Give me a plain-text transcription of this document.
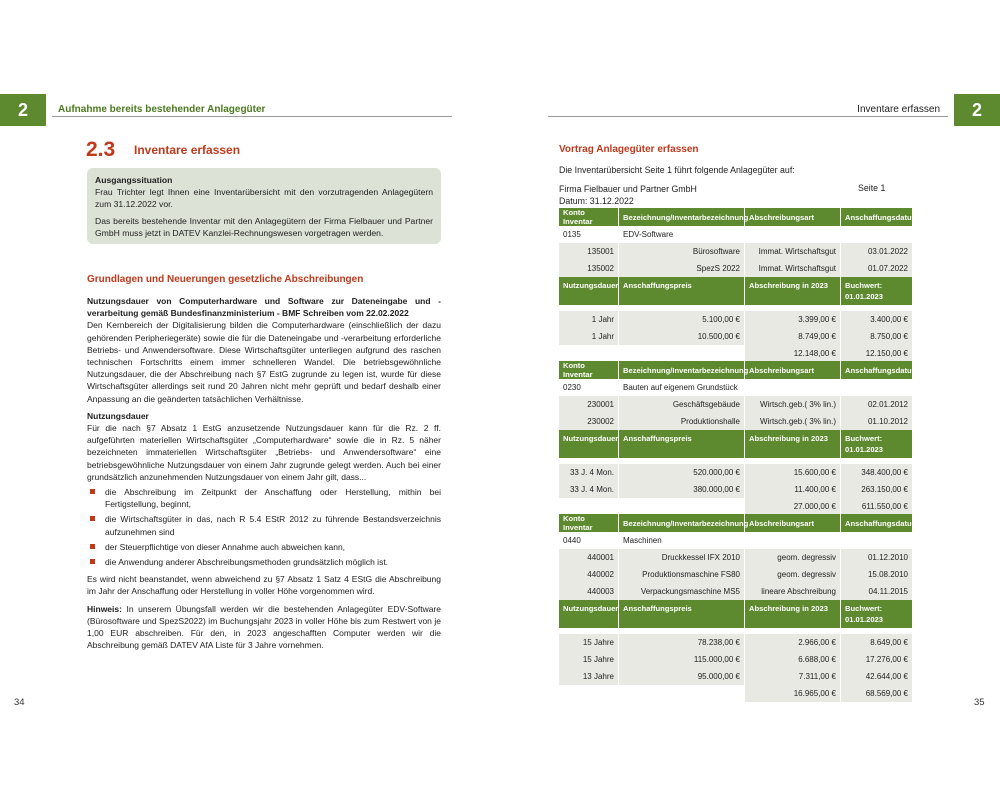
2	Aufnahme bereits bestehender Anlagegüter	Inventare erfassen	2
2.3 Inventare erfassen

Ausgangssituation

Frau Trichter legt Ihnen eine Inventarübersicht mit den vorzutragenden Anlagegütern zum 31.12.2022 vor.

Das bereits bestehende Inventar mit den Anlagegütern der Firma Fielbauer und Partner GmbH muss jetzt in DATEV Kanzlei-Rechnungswesen vorgetragen werden.

Grundlagen und Neuerungen gesetzliche Abschreibungen

Nutzungsdauer von Computerhardware und Software zur Dateneingabe und -verarbeitung gemäß Bundesfinanzministerium - BMF Schreiben vom 22.02.2022

Den Kernbereich der Digitalisierung bilden die Computerhardware (einschließlich der dazu gehörenden Peripheriegeräte) sowie die für die Dateneingabe und -verarbeitung erforderliche Betriebs- und Anwendersoftware. Diese Wirtschaftsgüter unterliegen aufgrund des raschen technischen Fortschritts einem immer schnelleren Wandel. Die betriebsgewöhnliche Nutzungsdauer, die der Abschreibung nach §7 EstG zugrunde zu legen ist, wurde für diese Wirtschaftsgüter allerdings seit rund 20 Jahren nicht mehr geprüft und bedarf deshalb einer Anpassung an die geänderten tatsächlichen Verhältnisse.

Nutzungsdauer

Für die nach §7 Absatz 1 EstG anzusetzende Nutzungsdauer kann für die Rz. 2 ff. aufgeführten materiellen Wirtschaftsgüter „Computerhardware“ sowie die in Rz. 5 näher bezeichneten immateriellen Wirtschaftsgüter „Betriebs- und Anwendersoftware“ eine betriebsgewöhnliche Nutzungsdauer von einem Jahr zugrunde gelegt werden. Auch bei einer grundsätzlich anzunehmenden Nutzungsdauer von einem Jahr gilt, dass...

die Abschreibung im Zeitpunkt der Anschaffung oder Herstellung, mithin bei Fertigstellung, beginnt,
die Wirtschaftsgüter in das, nach R 5.4 EStR 2012 zu führende Bestandsverzeichnis aufzunehmen sind
der Steuerpflichtige von dieser Annahme auch abweichen kann,
die Anwendung anderer Abschreibungsmethoden grundsätzlich möglich ist.

Es wird nicht beanstandet, wenn abweichend zu §7 Absatz 1 Satz 4 EStG die Abschreibung im Jahr der Anschaffung oder Herstellung in voller Höhe vorgenommen wird.

Hinweis: In unserem Übungsfall werden wir die bestehenden Anlagegüter EDV-Software (Bürosoftware und SpezS2022) im Buchungsjahr 2023 in voller Höhe bis zum Restwert von je 1,00 EUR abschreiben. Für den, in 2023 angeschafften Computer werden wir die Abschreibung gemäß DATEV AfA Liste für 3 Jahre vornehmen.

34
Vortrag Anlagegüter erfassen
Die Inventarübersicht Seite 1 führt folgende Anlagegüter auf:
Firma Fielbauer und Partner GmbH
Datum: 31.12.2022
Seite 1
Konto Inventar	Bezeichnung/Inventarbezeichnung	Abschreibungsart	Anschaffungsdatum
0135	EDV-Software		
135001	Bürosoftware	Immat. Wirtschaftsgut	03.01.2022
135002	SpezS 2022	Immat. Wirtschaftsgut	01.07.2022
Nutzungsdauer	Anschaffungspreis	Abschreibung in 2023	Buchwert: 01.01.2023

1 Jahr	5.100,00 €	3.399,00 €	3.400,00 €
1 Jahr	10.500,00 €	8.749,00 €	8.750,00 €
		12.148,00 €	12.150,00 €
Konto Inventar	Bezeichnung/Inventarbezeichnung	Abschreibungsart	Anschaffungsdatum
0230	Bauten auf eigenem Grundstück		
230001	Geschäftsgebäude	Wirtsch.geb.( 3% lin.)	02.01.2012
230002	Produktionshalle	Wirtsch.geb.( 3% lin.)	01.10.2012
Nutzungsdauer	Anschaffungspreis	Abschreibung in 2023	Buchwert: 01.01.2023

33 J. 4 Mon.	520.000,00 €	15.600,00 €	348.400,00 €
33 J. 4 Mon.	380.000,00 €	11.400,00 €	263.150,00 €
		27.000,00 €	611.550,00 €
Konto Inventar	Bezeichnung/Inventarbezeichnung	Abschreibungsart	Anschaffungsdatum
0440	Maschinen		
440001	Druckkessel IFX 2010	geom. degressiv	01.12.2010
440002	Produktionsmaschine FS80	geom. degressiv	15.08.2010
440003	Verpackungsmaschine MS5	lineare Abschreibung	04.11.2015
Nutzungsdauer	Anschaffungspreis	Abschreibung in 2023	Buchwert: 01.01.2023

15 Jahre	78.238,00 €	2.966,00 €	8.649,00 €
15 Jahre	115.000,00 €	6.688,00 €	17.276,00 €
13 Jahre	95.000,00 €	7.311,00 €	42.644,00 €
		16.965,00 €	68.569,00 €
35
